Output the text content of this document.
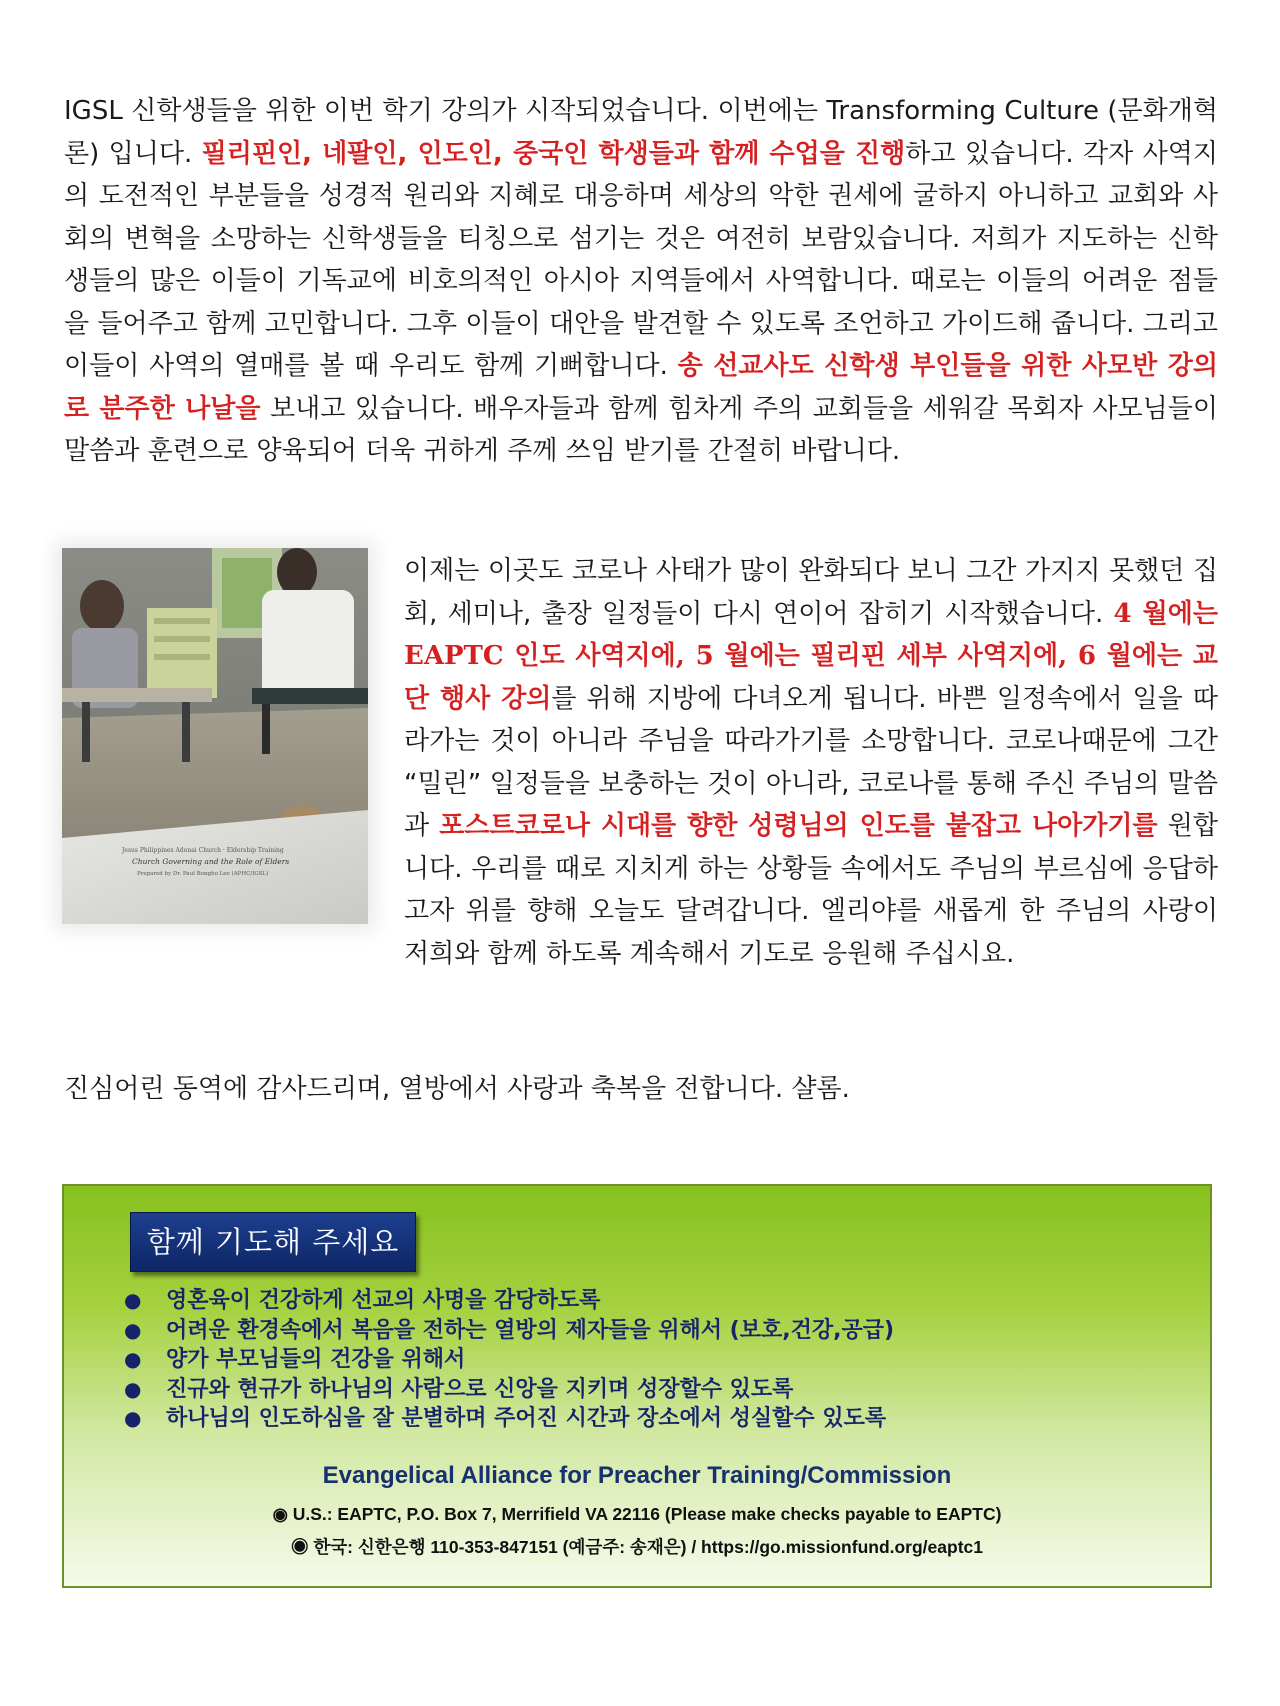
IGSL 신학생들을 위한 이번 학기 강의가 시작되었습니다. 이번에는 Transforming Culture (문화개혁론) 입니다. 필리핀인, 네팔인, 인도인, 중국인 학생들과 함께 수업을 진행하고 있습니다. 각자 사역지의 도전적인 부분들을 성경적 원리와 지혜로 대응하며 세상의 악한 권세에 굴하지 아니하고 교회와 사회의 변혁을 소망하는 신학생들을 티칭으로 섬기는 것은 여전히 보람있습니다. 저희가 지도하는 신학생들의 많은 이들이 기독교에 비호의적인 아시아 지역들에서 사역합니다. 때로는 이들의 어려운 점들을 들어주고 함께 고민합니다. 그후 이들이 대안을 발견할 수 있도록 조언하고 가이드해 줍니다. 그리고 이들이 사역의 열매를 볼 때 우리도 함께 기뻐합니다. 송 선교사도 신학생 부인들을 위한 사모반 강의로 분주한 나날을 보내고 있습니다. 배우자들과 함께 힘차게 주의 교회들을 세워갈 목회자 사모님들이 말씀과 훈련으로 양육되어 더욱 귀하게 주께 쓰임 받기를 간절히 바랍니다.
Jesus Philippines Adonai Church · Eldership Training
Church Governing and the Role of Elders
Prepared by Dr. Paul Bongho Lee (APHC/IGSL)
이제는 이곳도 코로나 사태가 많이 완화되다 보니 그간 가지지 못했던 집회, 세미나, 출장 일정들이 다시 연이어 잡히기 시작했습니다. 4 월에는 EAPTC 인도 사역지에, 5 월에는 필리핀 세부 사역지에, 6 월에는 교단 행사 강의를 위해 지방에 다녀오게 됩니다. 바쁜 일정속에서 일을 따라가는 것이 아니라 주님을 따라가기를 소망합니다. 코로나때문에 그간 “밀린” 일정들을 보충하는 것이 아니라, 코로나를 통해 주신 주님의 말씀과 포스트코로나 시대를 향한 성령님의 인도를 붙잡고 나아가기를 원합니다. 우리를 때로 지치게 하는 상황들 속에서도 주님의 부르심에 응답하고자 위를 향해 오늘도 달려갑니다. 엘리야를 새롭게 한 주님의 사랑이 저희와 함께 하도록 계속해서 기도로 응원해 주십시요.
진심어린 동역에 감사드리며, 열방에서 사랑과 축복을 전합니다. 샬롬.
함께 기도해 주세요
● 영혼육이 건강하게 선교의 사명을 감당하도록
● 어려운 환경속에서 복음을 전하는 열방의 제자들을 위해서 (보호,건강,공급)
● 양가 부모님들의 건강을 위해서
● 진규와 현규가 하나님의 사람으로 신앙을 지키며 성장할수 있도록
● 하나님의 인도하심을 잘 분별하며 주어진 시간과 장소에서 성실할수 있도록
Evangelical Alliance for Preacher Training/Commission
◉ U.S.: EAPTC, P.O. Box 7, Merrifield VA 22116 (Please make checks payable to EAPTC)
◉ 한국: 신한은행 110-353-847151 (예금주: 송재은) / https://go.missionfund.org/eaptc1
